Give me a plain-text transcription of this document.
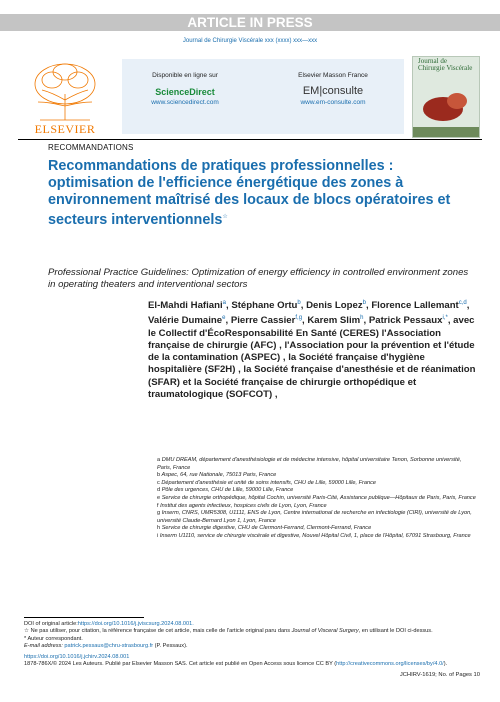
ARTICLE IN PRESS
Journal de Chirurgie Viscérale xxx (xxxx) xxx—xxx
ELSEVIER
Disponible en ligne sur
ScienceDirect
www.sciencedirect.com
Elsevier Masson France
EM|consulte
www.em-consulte.com
Journal de Chirurgie Viscérale
RECOMMANDATIONS
Recommandations de pratiques professionnelles : optimisation de l'efficience énergétique des zones à environnement maîtrisé des locaux de blocs opératoires et secteurs interventionnels☆
Professional Practice Guidelines: Optimization of energy efficiency in controlled environment zones in operating theaters and interventional sectors
El-Mahdi Hafiani$^a$, Stéphane Ortu$^b$, Denis Lopez$^b$, Florence Lallemant$^{c,d}$, Valérie Dumaine$^e$, Pierre Cassier$^{f,g}$, Karem Slim$^h$, Patrick Pessaux$^{i,*}$, avec le Collectif d'ÉcoResponsabilité En Santé (CERES) l'Association française de chirurgie (AFC) , l'Association pour la prévention et l'étude de la contamination (ASPEC) , la Société française d'hygiène hospitalière (SF2H) , la Société française d'anesthésie et de réanimation (SFAR) et la Société française de chirurgie orthopédique et traumatologique (SOFCOT) ,
a DMU DREAM, département d'anesthésiologie et de médecine intensive, hôpital universitaire Tenon, Sorbonne université, Paris, France
b Aspec, 64, rue Nationale, 75013 Paris, France
c Département d'anesthésie et unité de soins intensifs, CHU de Lille, 59000 Lille, France
d Pôle des urgences, CHU de Lille, 59000 Lille, France
e Service de chirurgie orthopédique, hôpital Cochin, université Paris-Cité, Assistance publique—Hôpitaux de Paris, Paris, France
f Institut des agents infectieux, hospices civils de Lyon, Lyon, France
g Inserm, CNRS, UMR5308, U1111, ENS de Lyon, Centre international de recherche en infectiologie (CIRI), université de Lyon, université Claude-Bernard Lyon 1, Lyon, France
h Service de chirurgie digestive, CHU de Clermont-Ferrand, Clermont-Ferrand, France
i Inserm U1110, service de chirurgie viscérale et digestive, Nouvel Hôpital Civil, 1, place de l'Hôpital, 67091 Strasbourg, France
DOI of original article:https://doi.org/10.1016/j.jviscsurg.2024.08.001.
☆ Ne pas utiliser, pour citation, la référence française de cet article, mais celle de l'article original paru dans Journal of Visceral Surgery, en utilisant le DOI ci-dessus.
* Auteur correspondant.
E-mail address: patrick.pessaux@chru-strasbourg.fr (P. Pessaux).
https://doi.org/10.1016/j.jchirv.2024.08.001
1878-786X/© 2024 Les Auteurs. Publié par Elsevier Masson SAS. Cet article est publié en Open Access sous licence CC BY (http://creativecommons.org/licenses/by/4.0/).
JCHIRV-1619; No. of Pages 10
